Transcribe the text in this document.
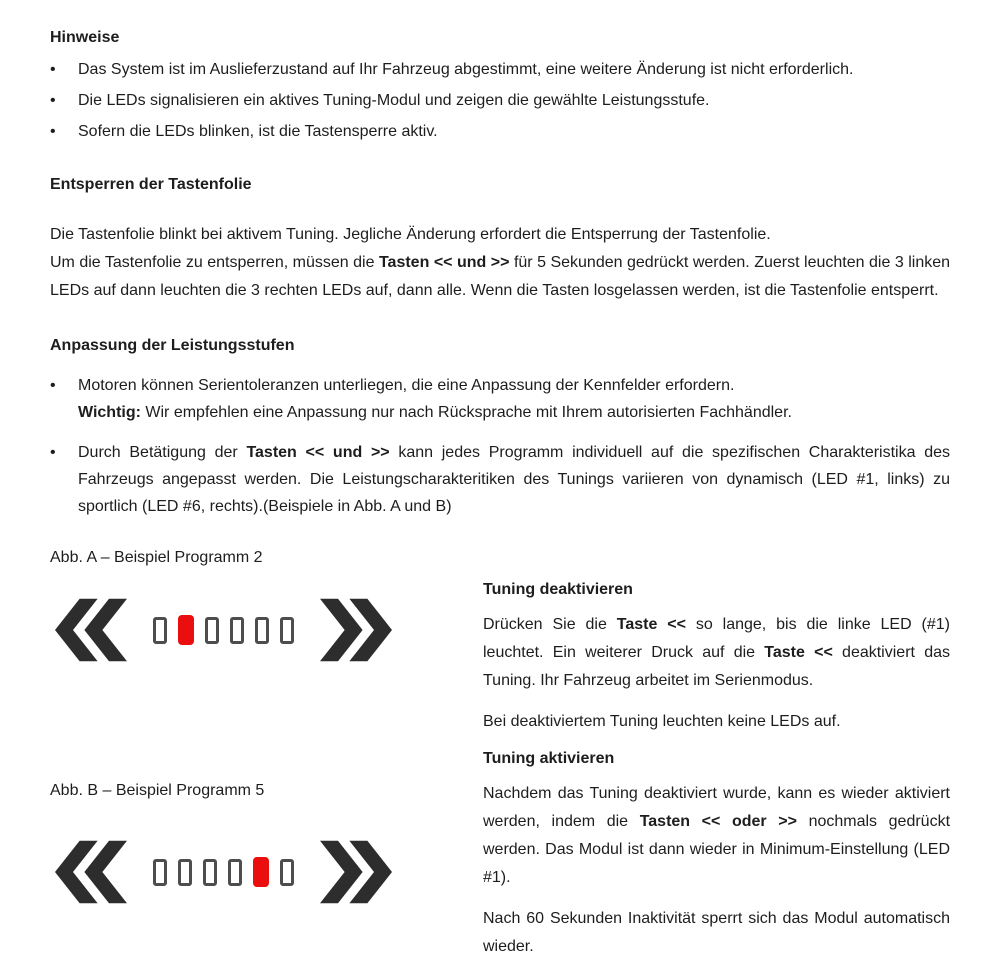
Hinweise
•	Das System ist im Auslieferzustand auf Ihr Fahrzeug abgestimmt, eine weitere Änderung ist nicht erforderlich.
•	Die LEDs signalisieren ein aktives Tuning-Modul und zeigen die gewählte Leistungsstufe.
•	Sofern die LEDs blinken, ist die Tastensperre aktiv.
Entsperren der Tastenfolie

Die Tastenfolie blinkt bei aktivem Tuning. Jegliche Änderung erfordert die Entsperrung der Tastenfolie.
Um die Tastenfolie zu entsperren, müssen die Tasten << und >> für 5 Sekunden gedrückt werden. Zuerst leuchten die 3 linken LEDs auf dann leuchten die 3 rechten LEDs auf, dann alle. Wenn die Tasten losgelassen werden, ist die Tastenfolie entsperrt.

Anpassung der Leistungsstufen
•	Motoren können Serientoleranzen unterliegen, die eine Anpassung der Kennfelder erfordern.
Wichtig: Wir empfehlen eine Anpassung nur nach Rücksprache mit Ihrem autorisierten Fachhändler.
•	Durch Betätigung der Tasten << und >> kann jedes Programm individuell auf die spezifischen Charakteristika des Fahrzeugs angepasst werden. Die Leistungscharakteritiken des Tunings variieren von dynamisch (LED #1, links) zu sportlich (LED #6, rechts).(Beispiele in Abb. A und B)
Abb. A – Beispiel Programm 2
Abb. B – Beispiel Programm 5
Tuning deaktivieren

Drücken Sie die Taste << so lange, bis die linke LED (#1) leuchtet. Ein weiterer Druck auf die Taste << deaktiviert das Tuning. Ihr Fahrzeug arbeitet im Serienmodus.

Bei deaktiviertem Tuning leuchten keine LEDs auf.

Tuning aktivieren

Nachdem das Tuning deaktiviert wurde, kann es wieder aktiviert werden, indem die Tasten << oder >> nochmals gedrückt werden. Das Modul ist dann wieder in Minimum-Einstellung (LED #1).

Nach 60 Sekunden Inaktivität sperrt sich das Modul automatisch wieder.
